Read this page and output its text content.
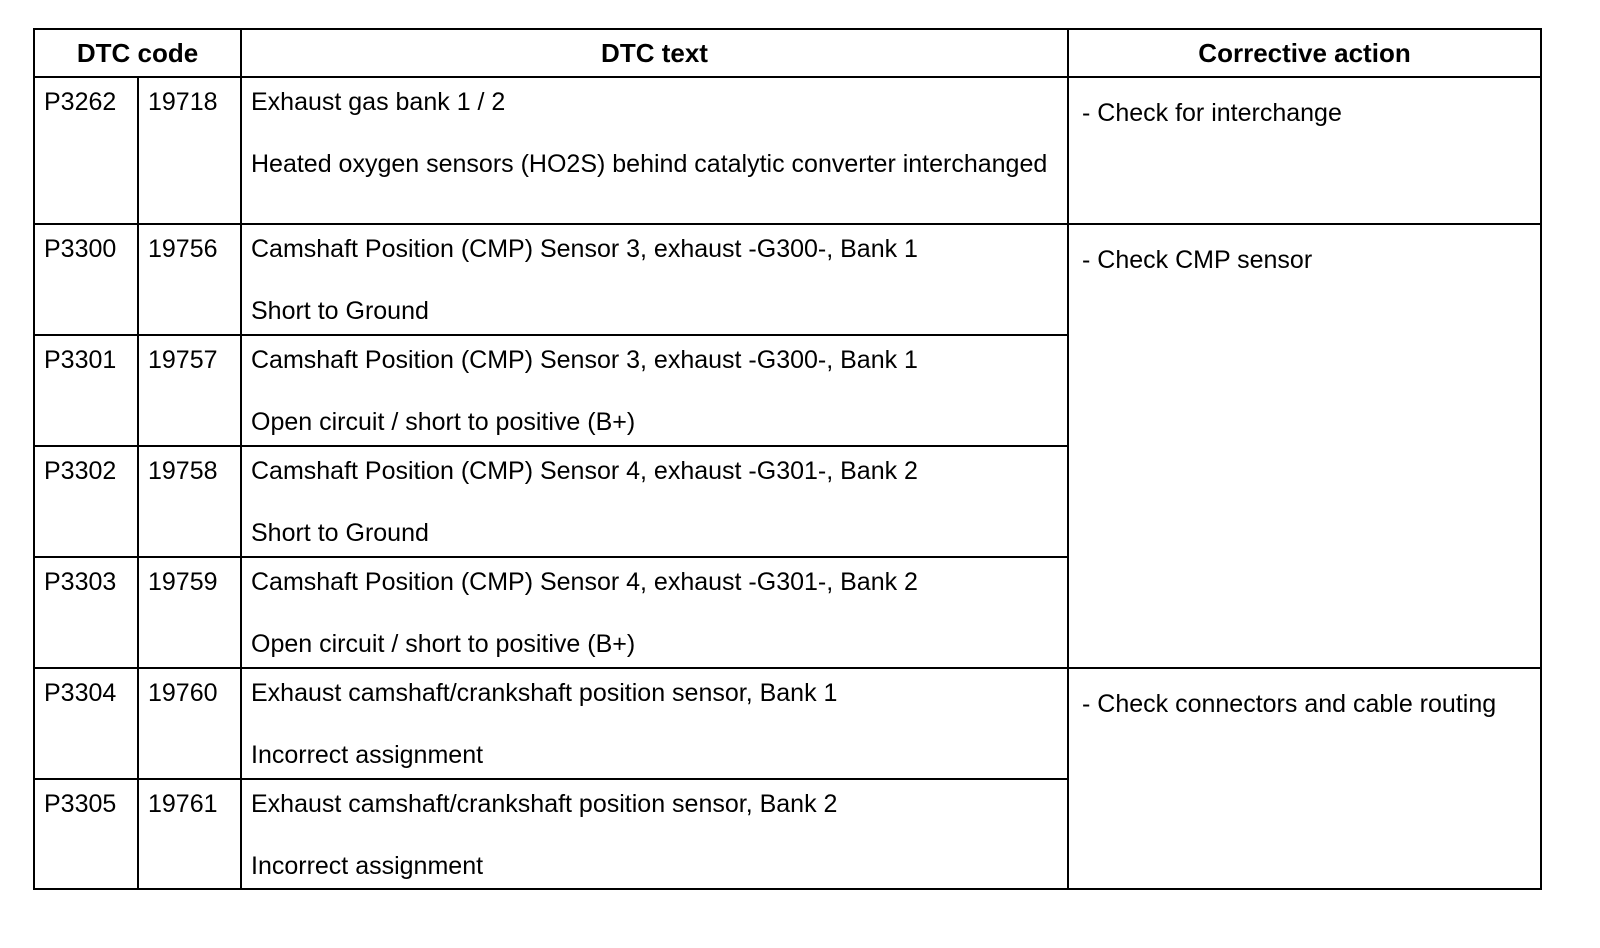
DTC code		DTC text	Corrective action
P3262	19718	Exhaust gas bank 1 / 2
Heated oxygen sensors (HO2S) behind catalytic converter interchanged	- Check for interchange
P3300	19756	Camshaft Position (CMP) Sensor 3, exhaust -G300-, Bank 1
Short to Ground	- Check CMP sensor
P3301	19757	Camshaft Position (CMP) Sensor 3, exhaust -G300-, Bank 1
Open circuit / short to positive (B+)	

P3302	19758	Camshaft Position (CMP) Sensor 4, exhaust -G301-, Bank 2
Short to Ground	

P3303	19759	Camshaft Position (CMP) Sensor 4, exhaust -G301-, Bank 2
Open circuit / short to positive (B+)	

P3304	19760	Exhaust camshaft/crankshaft position sensor, Bank 1
Incorrect assignment	- Check connectors and cable routing
P3305	19761	Exhaust camshaft/crankshaft position sensor, Bank 2
Incorrect assignment	
